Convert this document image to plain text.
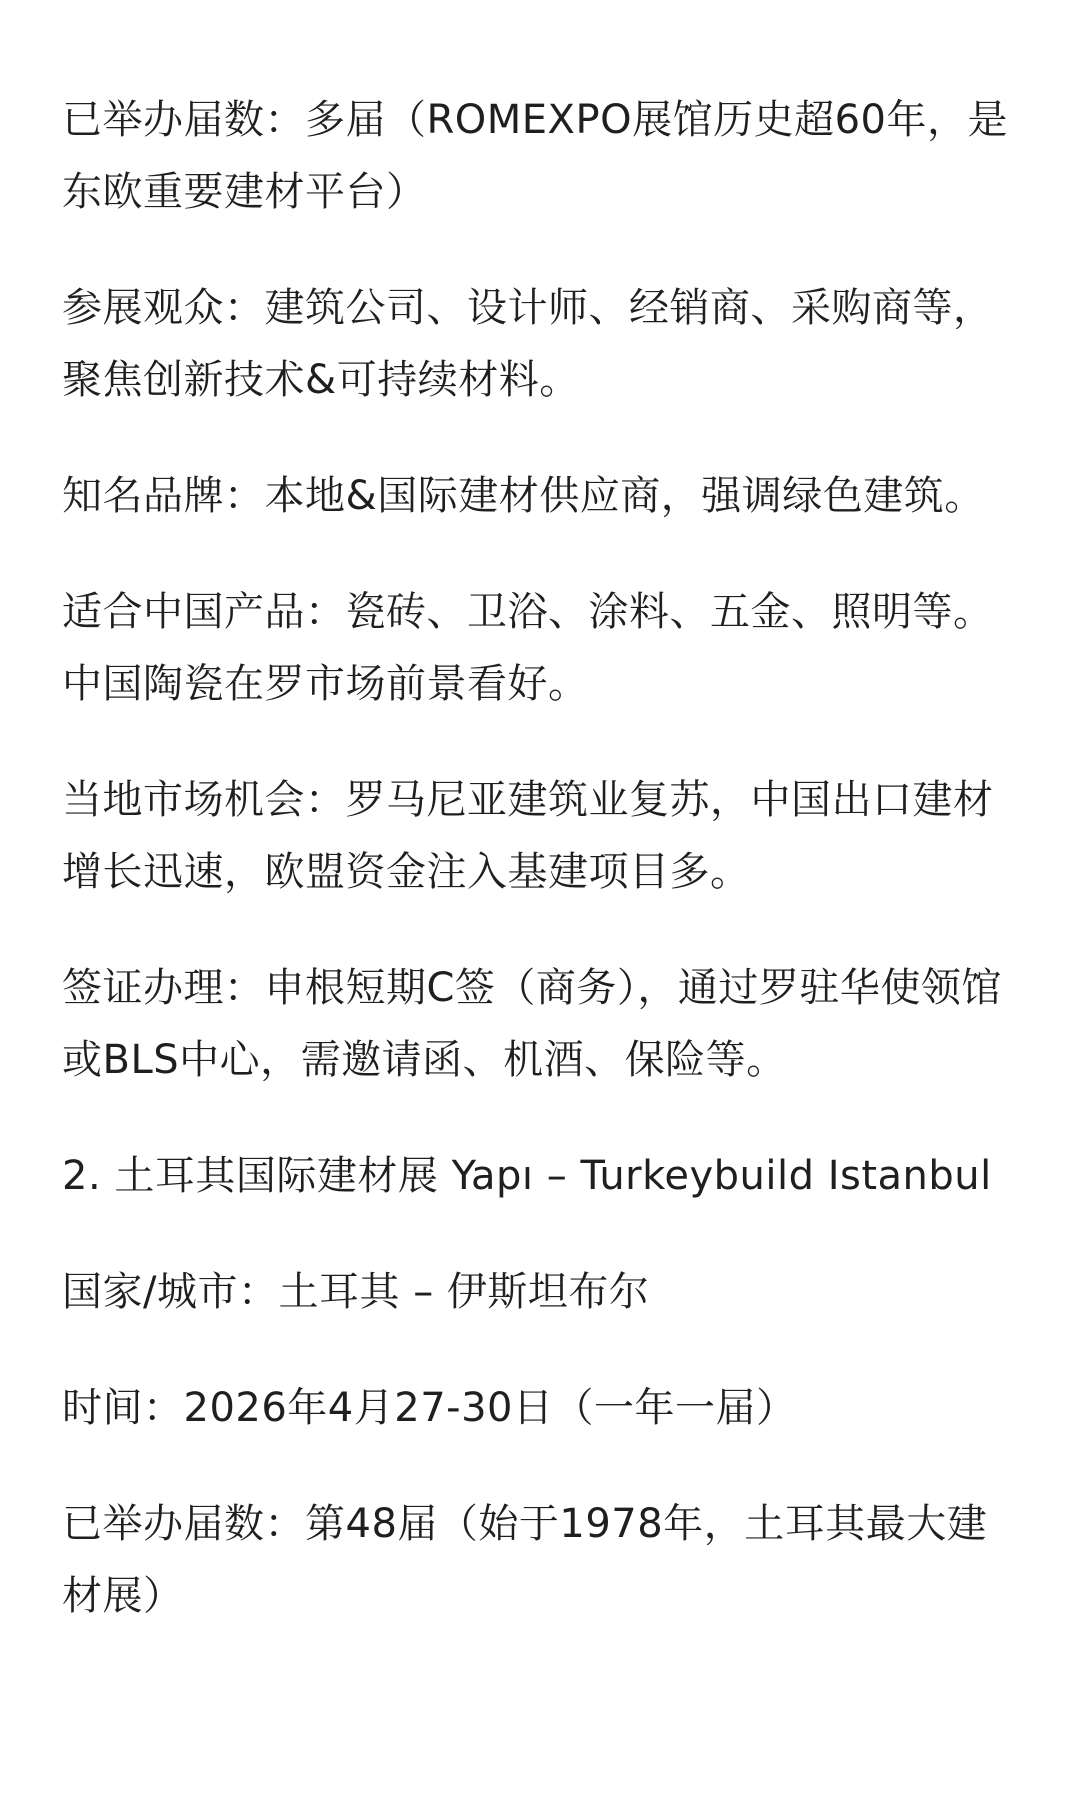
已举办届数：多届（ROMEXPO展馆历史超60年，是东欧重要建材平台）

参展观众：建筑公司、设计师、经销商、采购商等，聚焦创新技术&可持续材料。

知名品牌：本地&国际建材供应商，强调绿色建筑。

适合中国产品：瓷砖、卫浴、涂料、五金、照明等。中国陶瓷在罗市场前景看好。

当地市场机会：罗马尼亚建筑业复苏，中国出口建材增长迅速，欧盟资金注入基建项目多。

签证办理：申根短期C签（商务），通过罗驻华使领馆或BLS中心，需邀请函、机酒、保险等。

2. 土耳其国际建材展 Yapı – Turkeybuild Istanbul

国家/城市：土耳其 – 伊斯坦布尔

时间：2026年4月27-30日（一年一届）

已举办届数：第48届（始于1978年，土耳其最大建材展）
